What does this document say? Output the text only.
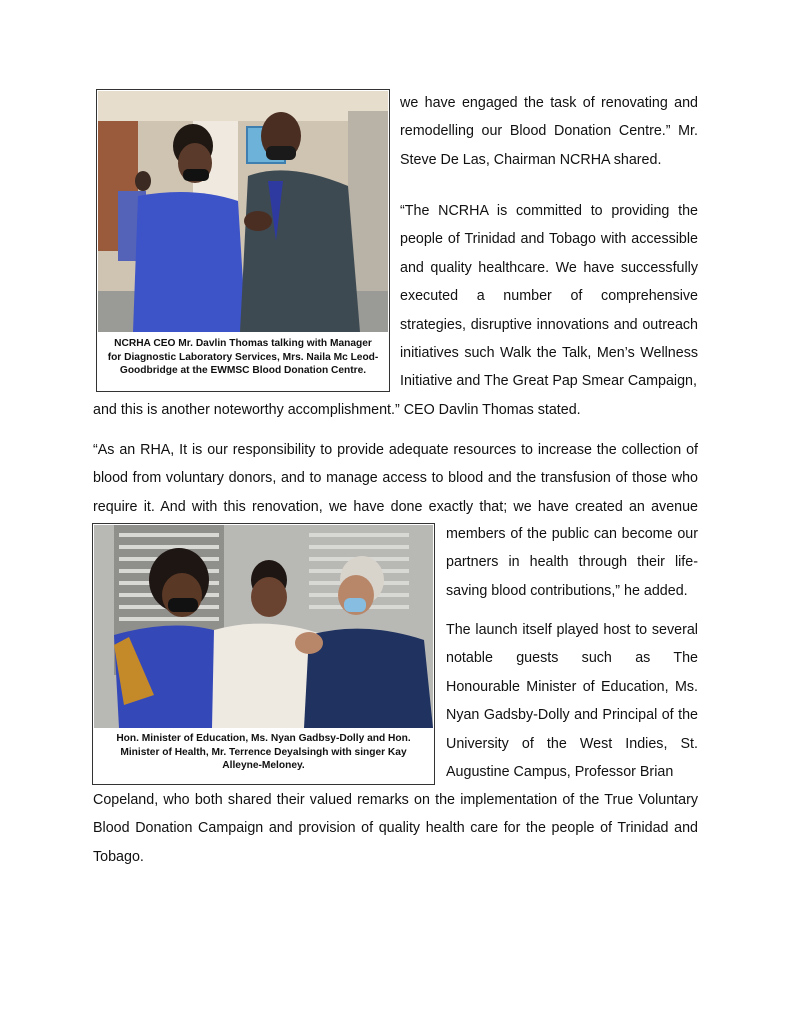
NCRHA CEO Mr. Davlin Thomas talking with Manager for Diagnostic Laboratory Services, Mrs. Naila Mc Leod-Goodbridge at the EWMSC Blood Donation Centre.

we have engaged the task of renovating and remodelling our Blood Donation Centre.” Mr. Steve De Las, Chairman NCRHA shared.

“The NCRHA is committed to providing the people of Trinidad and Tobago with accessible and quality healthcare. We have successfully executed a number of comprehensive strategies, disruptive innovations and outreach initiatives such Walk the Talk, Men’s Wellness Initiative and The Great Pap Smear Campaign,

and this is another noteworthy accomplishment.” CEO Davlin Thomas stated.

“As an RHA, It is our responsibility to provide adequate resources to increase the collection of blood from voluntary donors, and to manage access to blood and the transfusion of those who require it. And with this renovation, we have done exactly that; we have created an avenue

Hon. Minister of Education, Ms. Nyan Gadbsy-Dolly and Hon. Minister of Health, Mr. Terrence Deyalsingh with singer Kay Alleyne-Meloney.

members of the public can become our partners in health through their life-saving blood contributions,” he added.

The launch itself played host to several notable guests such as The Honourable Minister of Education, Ms. Nyan Gadsby-Dolly and Principal of the University of the West Indies, St. Augustine Campus, Professor Brian

Copeland, who both shared their valued remarks on the implementation of the True Voluntary Blood Donation Campaign and provision of quality health care for the people of Trinidad and Tobago.
